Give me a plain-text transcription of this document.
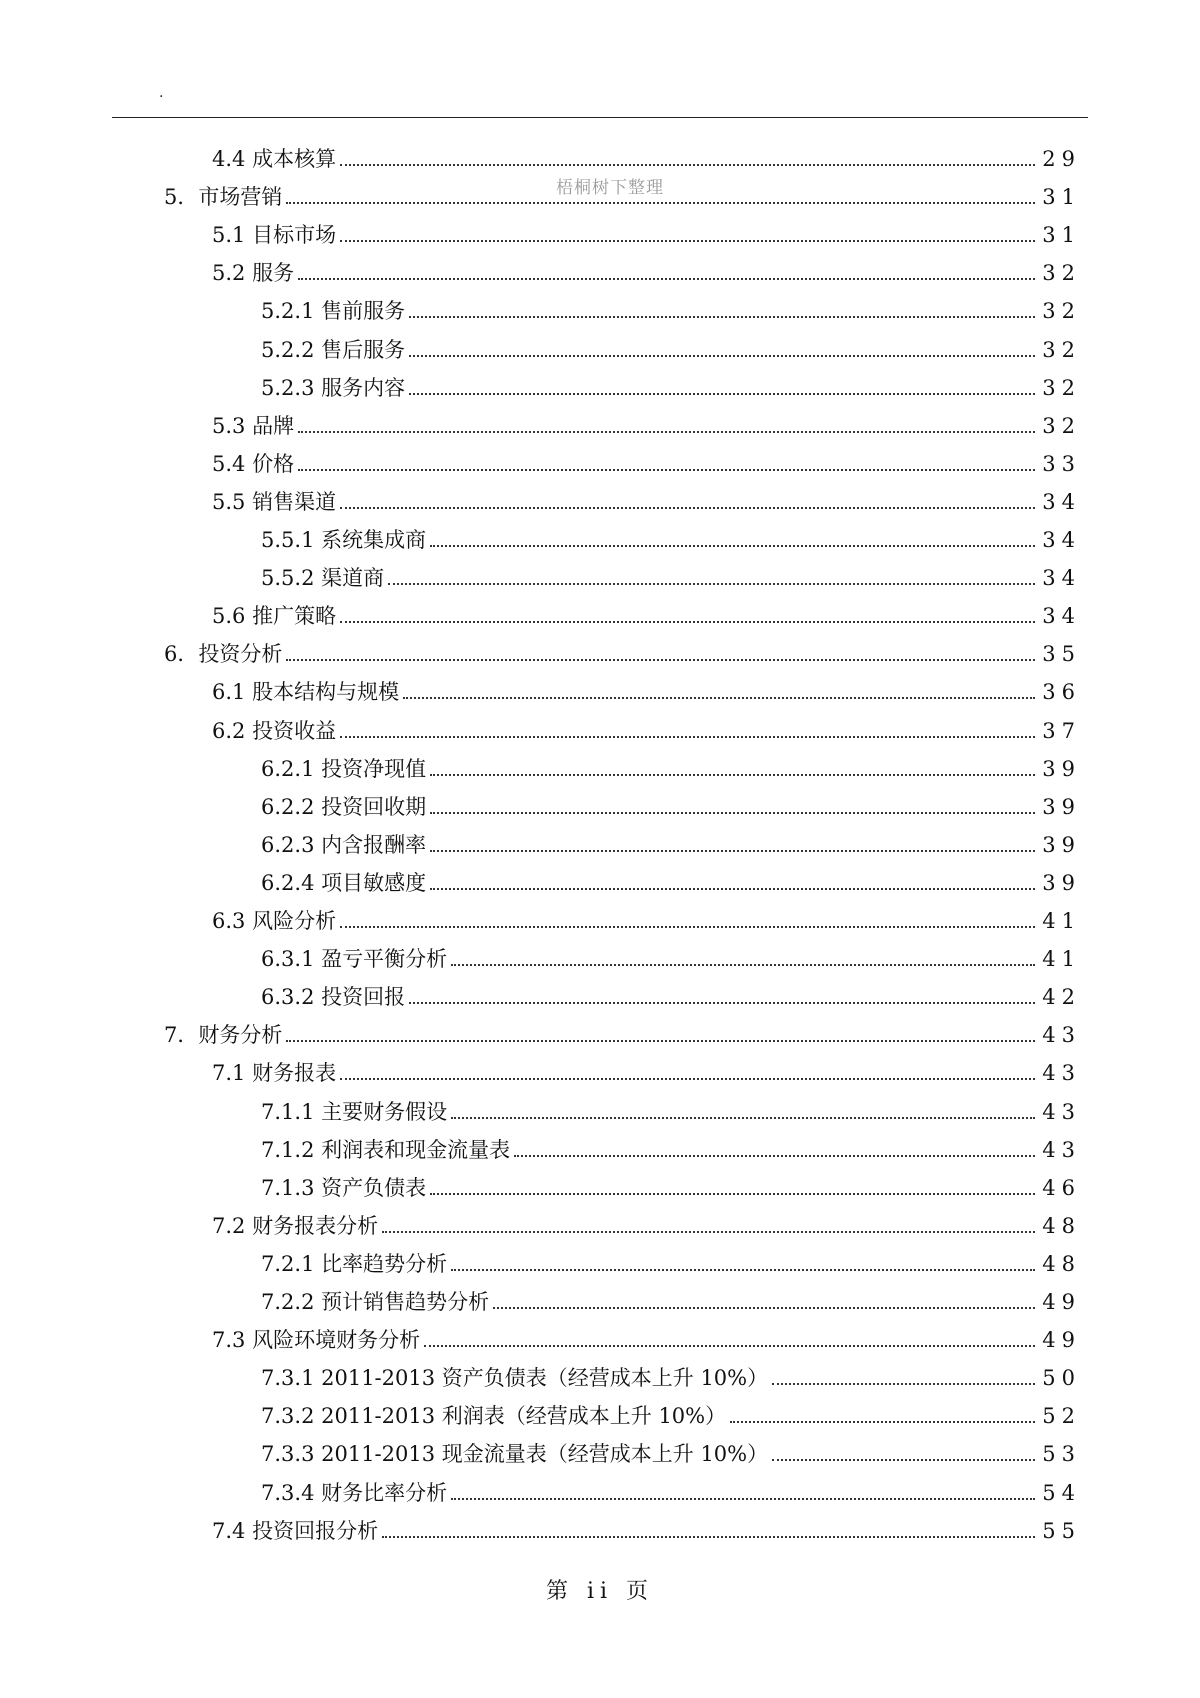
.
梧桐树下整理
4.4 成本核算	29
5．市场营销	31
5.1 目标市场	31
5.2 服务	32
5.2.1 售前服务	32
5.2.2 售后服务	32
5.2.3 服务内容	32
5.3 品牌	32
5.4 价格	33
5.5 销售渠道	34
5.5.1 系统集成商	34
5.5.2 渠道商	34
5.6 推广策略	34
6．投资分析	35
6.1 股本结构与规模	36
6.2 投资收益	37
6.2.1 投资净现值	39
6.2.2 投资回收期	39
6.2.3 内含报酬率	39
6.2.4 项目敏感度	39
6.3 风险分析	41
6.3.1 盈亏平衡分析	41
6.3.2 投资回报	42
7．财务分析	43
7.1 财务报表	43
7.1.1 主要财务假设	43
7.1.2 利润表和现金流量表	43
7.1.3 资产负债表	46
7.2 财务报表分析	48
7.2.1 比率趋势分析	48
7.2.2 预计销售趋势分析	49
7.3 风险环境财务分析	49
7.3.1 2011-2013 资产负债表（经营成本上升 10%）	50
7.3.2 2011-2013 利润表（经营成本上升 10%）	52
7.3.3 2011-2013 现金流量表（经营成本上升 10%）	53
7.3.4 财务比率分析	54
7.4 投资回报分析	55
第 ii 页
